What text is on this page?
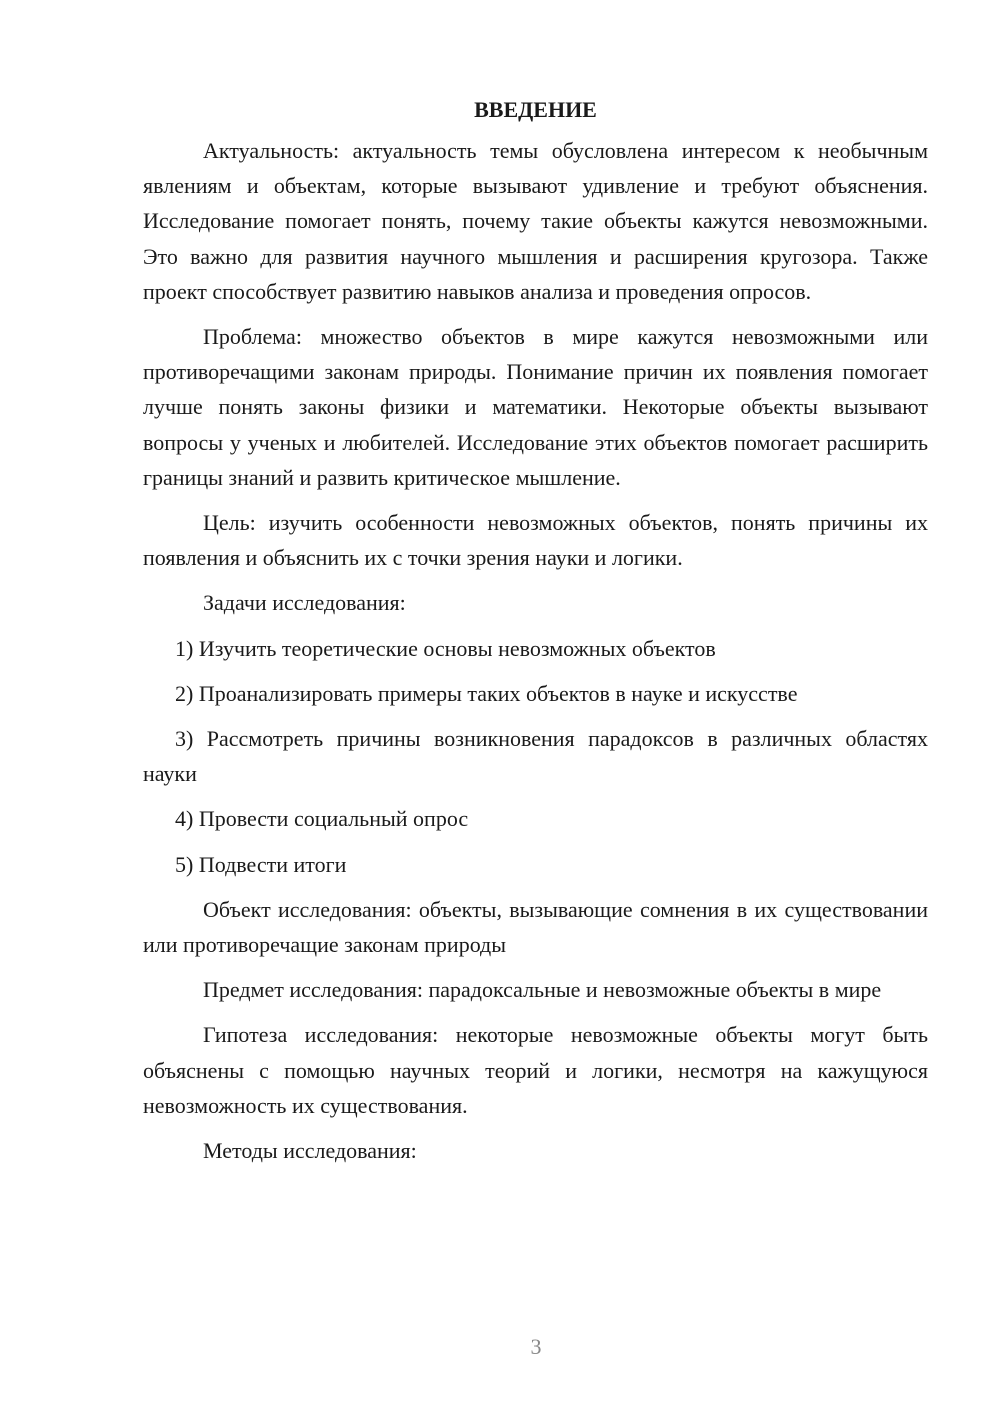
ВВЕДЕНИЕ

Актуальность: актуальность темы обусловлена интересом к необычным явлениям и объектам, которые вызывают удивление и требуют объяснения. Исследование помогает понять, почему такие объекты кажутся невозможными. Это важно для развития научного мышления и расширения кругозора. Также проект способствует развитию навыков анализа и проведения опросов.

Проблема: множество объектов в мире кажутся невозможными или противоречащими законам природы. Понимание причин их появления помогает лучше понять законы физики и математики. Некоторые объекты вызывают вопросы у ученых и любителей. Исследование этих объектов помогает расширить границы знаний и развить критическое мышление.

Цель: изучить особенности невозможных объектов, понять причины их появления и объяснить их с точки зрения науки и логики.

Задачи исследования:

1) Изучить теоретические основы невозможных объектов

2) Проанализировать примеры таких объектов в науке и искусстве

3) Рассмотреть причины возникновения парадоксов в различных областях науки

4) Провести социальный опрос

5) Подвести итоги

Объект исследования: объекты, вызывающие сомнения в их существовании или противоречащие законам природы

Предмет исследования: парадоксальные и невозможные объекты в мире

Гипотеза исследования: некоторые невозможные объекты могут быть объяснены с помощью научных теорий и логики, несмотря на кажущуюся невозможность их существования.

Методы исследования:

3
